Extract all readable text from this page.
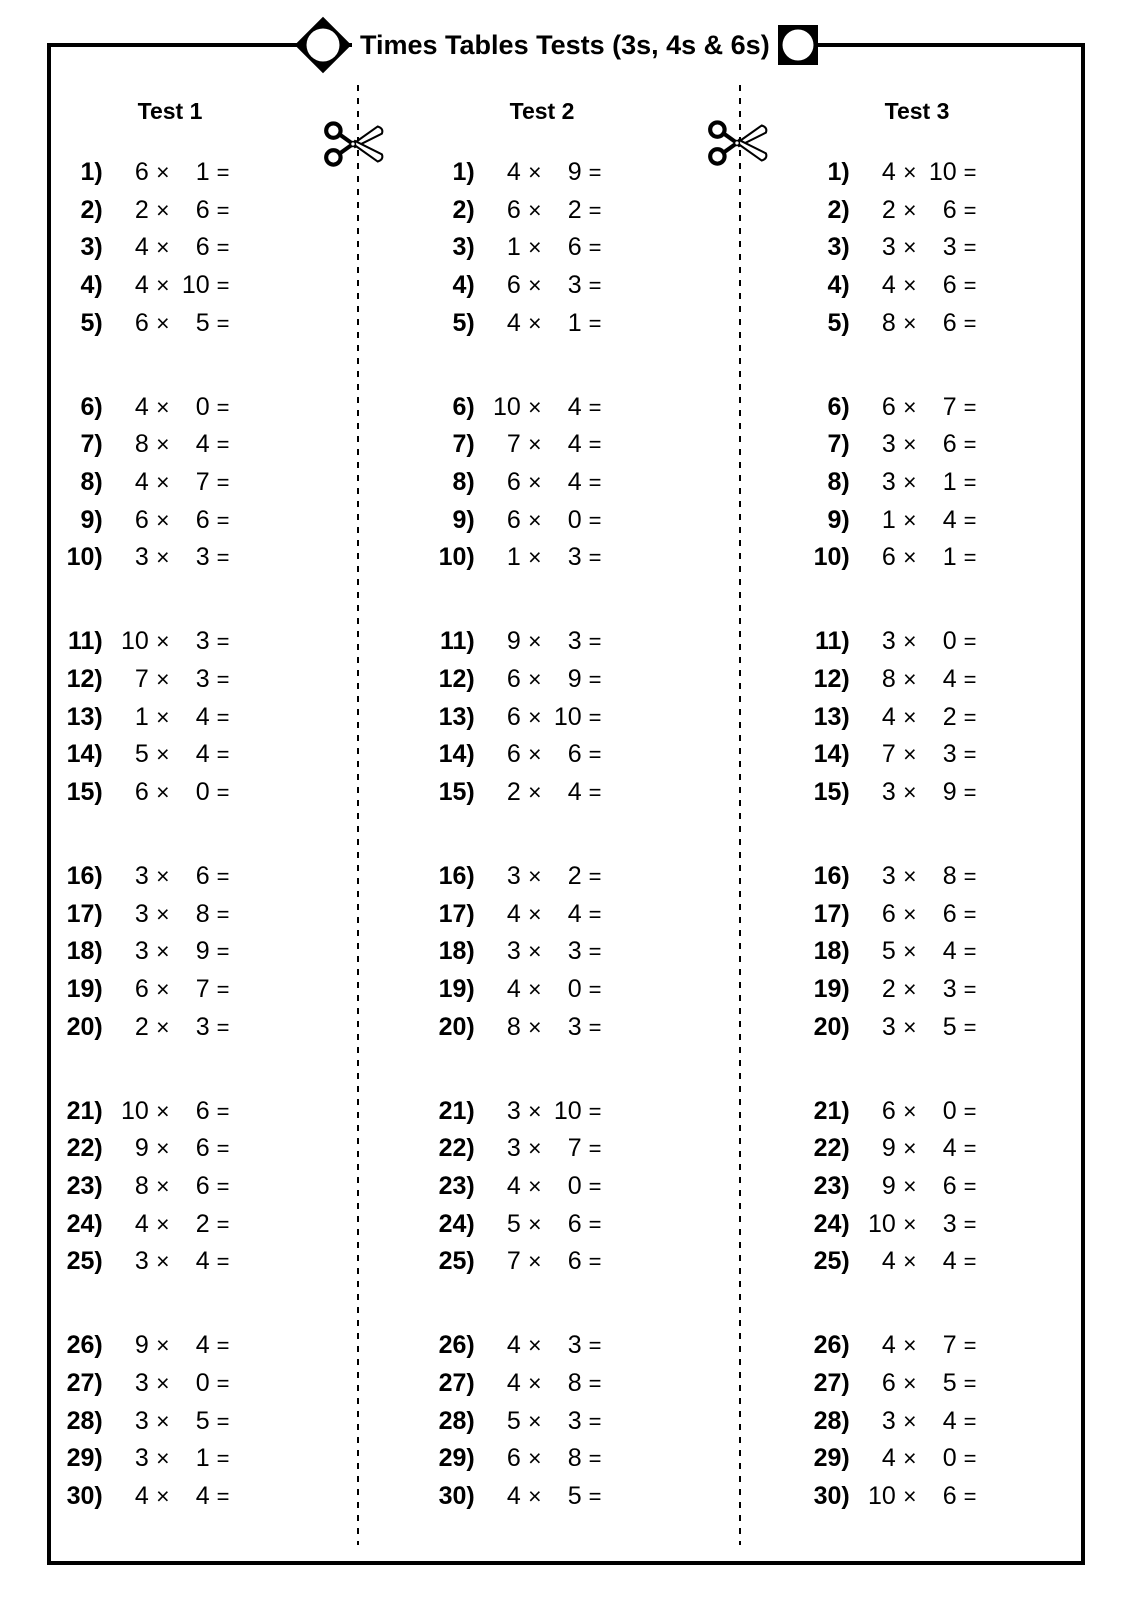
Times Tables Tests (3s, 4s & 6s)
Test 1
1)	6 ×	1 =
2)	2 ×	6 =
3)	4 ×	6 =
4)	4 × 10 =
5)	6 ×	5 =
6)	4 ×	0 =
7)	8 ×	4 =
8)	4 ×	7 =
9)	6 ×	6 =
10)	3 ×	3 =
11) 10 ×	3 =
12)	7 ×	3 =
13)	1 ×	4 =
14)	5 ×	4 =
15)	6 ×	0 =
16)	3 ×	6 =
17)	3 ×	8 =
18)	3 ×	9 =
19)	6 ×	7 =
20)	2 ×	3 =
21) 10 ×	6 =
22)	9 ×	6 =
23)	8 ×	6 =
24)	4 ×	2 =
25)	3 ×	4 =
26)	9 ×	4 =
27)	3 ×	0 =
28)	3 ×	5 =
29)	3 ×	1 =
30)	4 ×	4 =
Test 2
1)	4 ×	9 =
2)	6 ×	2 =
3)	1 ×	6 =
4)	6 ×	3 =
5)	4 ×	1 =
6) 10 ×	4 =
7)	7 ×	4 =
8)	6 ×	4 =
9)	6 ×	0 =
10)	1 ×	3 =
11)	9 ×	3 =
12)	6 ×	9 =
13)	6 × 10 =
14)	6 ×	6 =
15)	2 ×	4 =
16)	3 ×	2 =
17)	4 ×	4 =
18)	3 ×	3 =
19)	4 ×	0 =
20)	8 ×	3 =
21)	3 × 10 =
22)	3 ×	7 =
23)	4 ×	0 =
24)	5 ×	6 =
25)	7 ×	6 =
26)	4 ×	3 =
27)	4 ×	8 =
28)	5 ×	3 =
29)	6 ×	8 =
30)	4 ×	5 =
Test 3
1)	4 × 10 =
2)	2 ×	6 =
3)	3 ×	3 =
4)	4 ×	6 =
5)	8 ×	6 =
6)	6 ×	7 =
7)	3 ×	6 =
8)	3 ×	1 =
9)	1 ×	4 =
10)	6 ×	1 =
11)	3 ×	0 =
12)	8 ×	4 =
13)	4 ×	2 =
14)	7 ×	3 =
15)	3 ×	9 =
16)	3 ×	8 =
17)	6 ×	6 =
18)	5 ×	4 =
19)	2 ×	3 =
20)	3 ×	5 =
21)	6 ×	0 =
22)	9 ×	4 =
23)	9 ×	6 =
24) 10 ×	3 =
25)	4 ×	4 =
26)	4 ×	7 =
27)	6 ×	5 =
28)	3 ×	4 =
29)	4 ×	0 =
30) 10 ×	6 =
